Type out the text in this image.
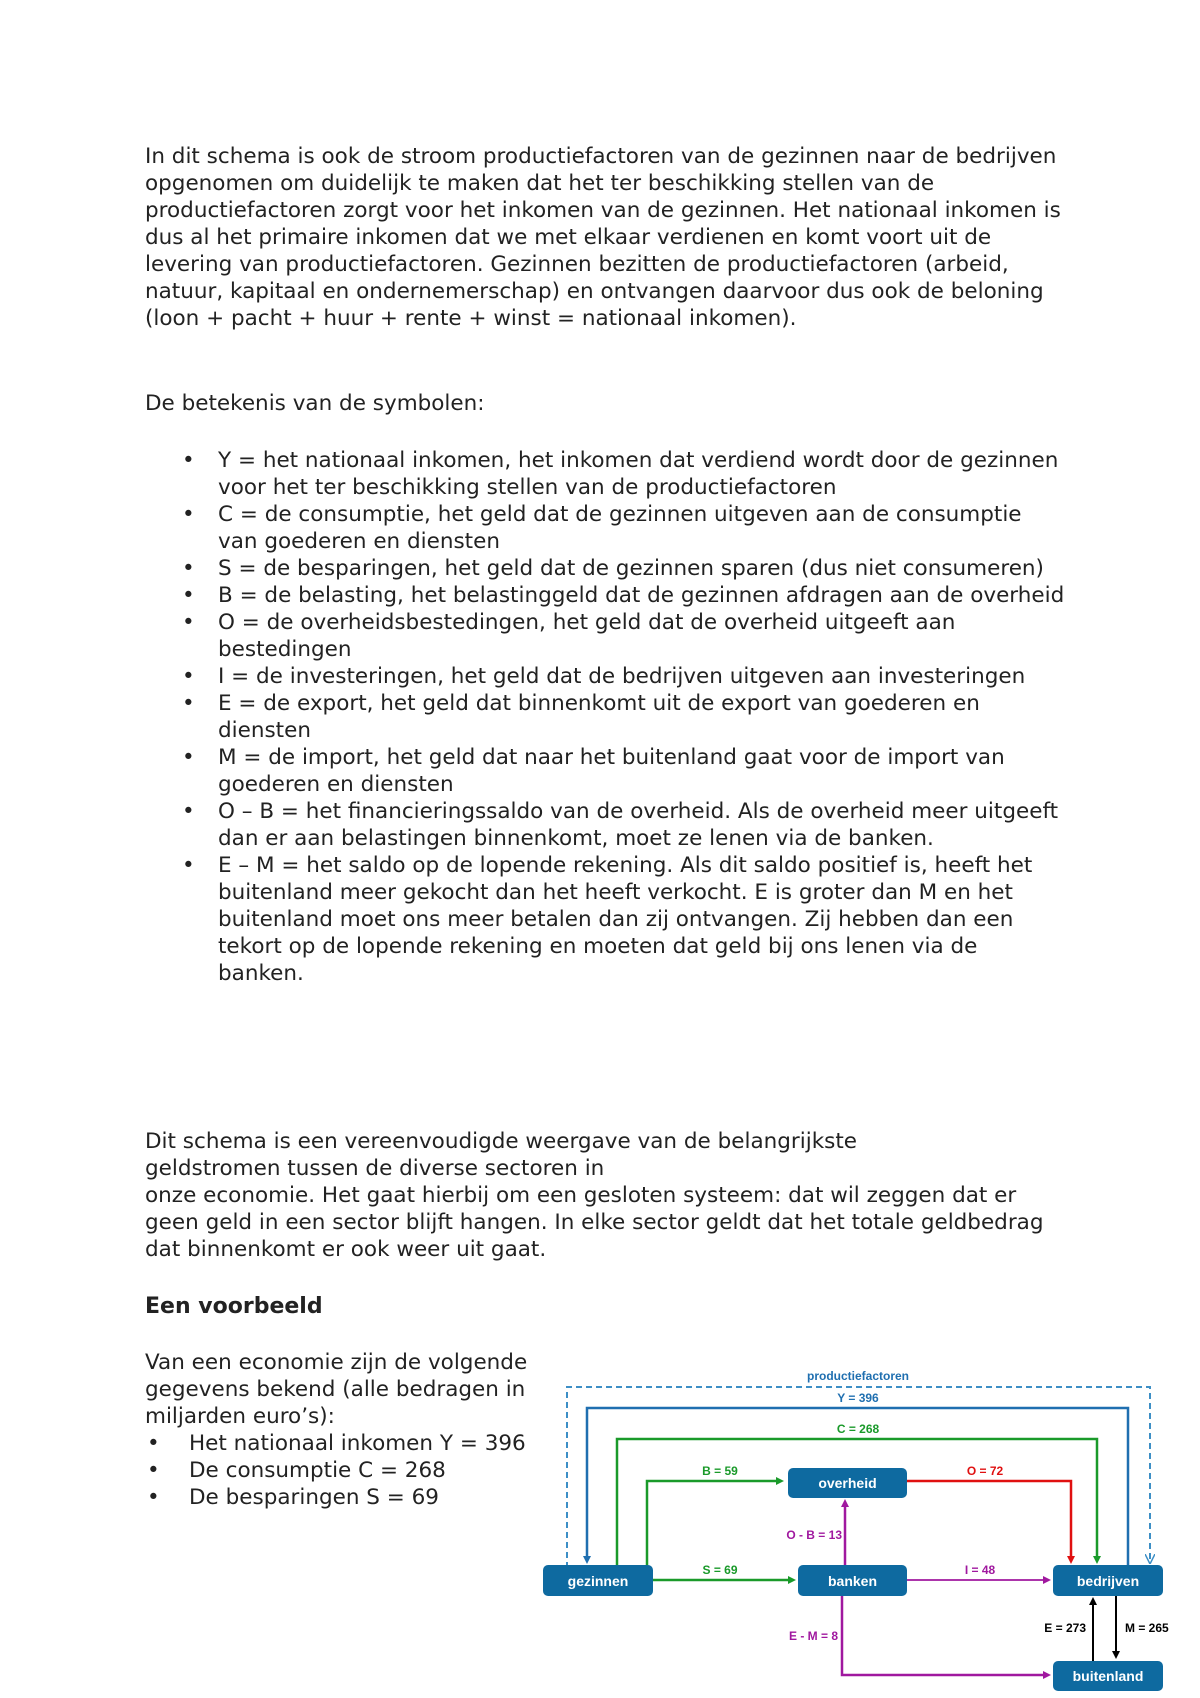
In dit schema is ook de stroom productiefactoren van de gezinnen naar de bedrijven opgenomen om duidelijk te maken dat het ter beschikking stellen van de productiefactoren zorgt voor het inkomen van de gezinnen. Het nationaal inkomen is dus al het primaire inkomen dat we met elkaar verdienen en komt voort uit de levering van productiefactoren. Gezinnen bezitten de productiefactoren (arbeid, natuur, kapitaal en ondernemerschap) en ontvangen daarvoor dus ook de beloning (loon + pacht + huur + rente + winst = nationaal inkomen).
De betekenis van de symbolen:
• Y = het nationaal inkomen, het inkomen dat verdiend wordt door de gezinnen voor het ter beschikking stellen van de productiefactoren
• C = de consumptie, het geld dat de gezinnen uitgeven aan de consumptie van goederen en diensten
• S = de besparingen, het geld dat de gezinnen sparen (dus niet consumeren)
• B = de belasting, het belastinggeld dat de gezinnen afdragen aan de overheid
• O = de overheidsbestedingen, het geld dat de overheid uitgeeft aan bestedingen
• I = de investeringen, het geld dat de bedrijven uitgeven aan investeringen
• E = de export, het geld dat binnenkomt uit de export van goederen en diensten
• M = de import, het geld dat naar het buitenland gaat voor de import van goederen en diensten
• O – B = het financieringssaldo van de overheid. Als de overheid meer uitgeeft dan er aan belastingen binnenkomt, moet ze lenen via de banken.
• E – M = het saldo op de lopende rekening. Als dit saldo positief is, heeft het buitenland meer gekocht dan het heeft verkocht. E is groter dan M en het buitenland moet ons meer betalen dan zij ontvangen. Zij hebben dan een tekort op de lopende rekening en moeten dat geld bij ons lenen via de banken.
Dit schema is een vereenvoudigde weergave van de belangrijkste
geldstromen tussen de diverse sectoren in
onze economie. Het gaat hierbij om een gesloten systeem: dat wil zeggen dat er geen geld in een sector blijft hangen. In elke sector geldt dat het totale geldbedrag dat binnenkomt er ook weer uit gaat.
Een voorbeeld
Van een economie zijn de volgende gegevens bekend (alle bedragen in miljarden euro’s):
• Het nationaal inkomen Y = 396
• De consumptie C = 268
• De besparingen S = 69
productiefactoren
Y = 396
C = 268
B = 59	O = 72
O - B = 13
S = 69	I = 48
E - M = 8
E = 273	M = 265
overheid
gezinnen	banken	bedrijven
buitenland
